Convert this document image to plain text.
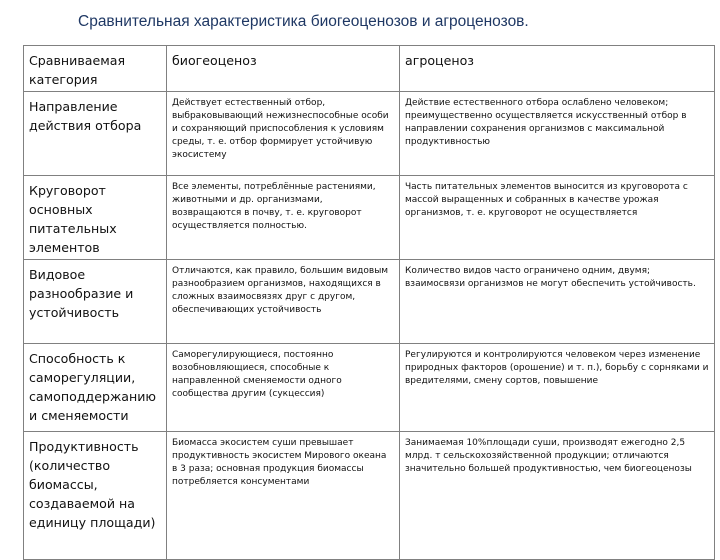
Сравнительная характеристика биогеоценозов и агроценозов.
Сравниваемая категория	биогеоценоз	агроценоз
Направление действия отбора	Действует естественный отбор, выбраковывающий нежизнеспособные особи и сохраняющий приспособления к условиям среды, т. е. отбор формирует устойчивую экосистему	Действие естественного отбора ослаблено человеком; преимущественно осуществляется искусственный отбор в направлении сохранения организмов с максимальной продуктивностью
Круговорот основных питательных элементов	Все элементы, потреблённые растениями, животными и др. организмами, возвращаются в почву, т. е. круговорот осуществляется полностью.	Часть питательных элементов выносится из круговорота с массой выращенных и собранных в качестве урожая организмов, т. е. круговорот не осуществляется
Видовое разнообразие и устойчивость	Отличаются, как правило, большим видовым разнообразием организмов, находящихся в сложных взаимосвязях друг с другом, обеспечивающих устойчивость	Количество видов часто ограничено одним, двумя; взаимосвязи организмов не могут обеспечить устойчивость.
Способность к саморегуляции, самоподдержанию и сменяемости	Саморегулирующиеся, постоянно возобновляющиеся, способные к направленной сменяемости одного сообщества другим (сукцессия)	Регулируются и контролируются человеком через изменение природных факторов (орошение) и т. п.), борьбу с сорняками и вредителями, смену сортов, повышение
Продуктивность (количество биомассы, создаваемой на единицу площади)	Биомасса экосистем суши превышает продуктивность экосистем Мирового океана в 3 раза; основная продукция биомассы потребляется консументами	Занимаемая 10%площади суши, производят ежегодно 2,5 млрд. т сельскохозяйственной продукции; отличаются значительно большей продуктивностью, чем биогеоценозы
